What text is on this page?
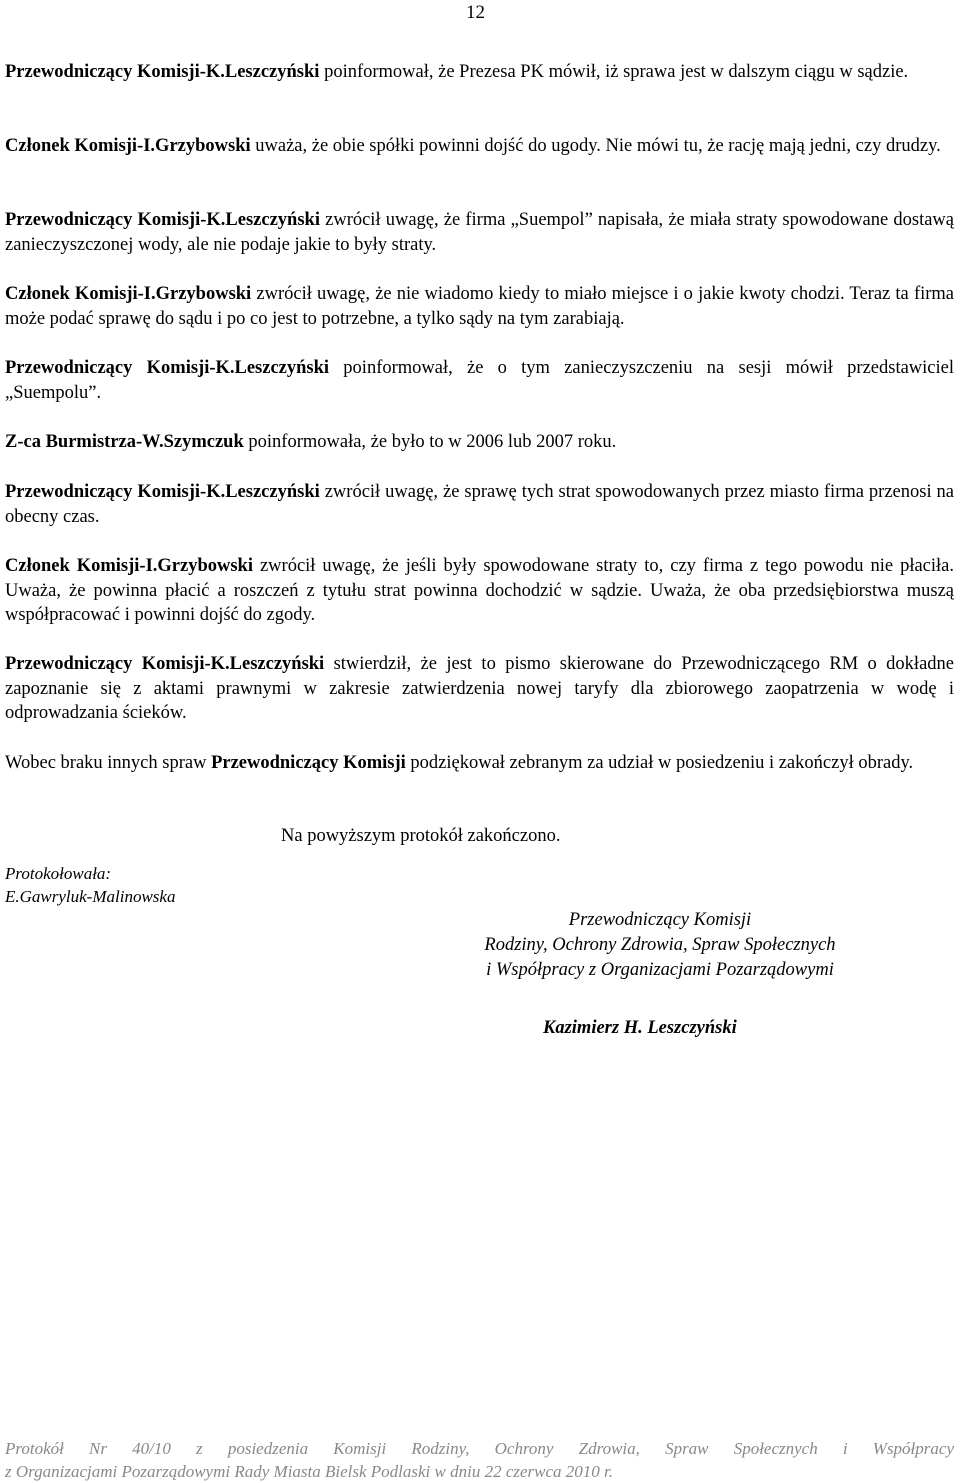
12
Przewodniczący Komisji-K.Leszczyński poinformował, że Prezesa PK mówił, iż sprawa jest w dalszym ciągu w sądzie.
Członek Komisji-I.Grzybowski uważa, że obie spółki powinni dojść do ugody. Nie mówi tu, że rację mają jedni, czy drudzy.
Przewodniczący Komisji-K.Leszczyński zwrócił uwagę, że firma „Suempol” napisała, że miała straty spowodowane dostawą zanieczyszczonej wody, ale nie podaje jakie to były straty.
Członek Komisji-I.Grzybowski zwrócił uwagę, że nie wiadomo kiedy to miało miejsce i o jakie kwoty chodzi. Teraz ta firma może podać sprawę do sądu i po co jest to potrzebne, a tylko sądy na tym zarabiają.
Przewodniczący Komisji-K.Leszczyński poinformował, że o tym zanieczyszczeniu na sesji mówił przedstawiciel „Suempolu”.
Z-ca Burmistrza-W.Szymczuk poinformowała, że było to w 2006 lub 2007 roku.
Przewodniczący Komisji-K.Leszczyński zwrócił uwagę, że sprawę tych strat spowodowanych przez miasto firma przenosi na obecny czas.
Członek Komisji-I.Grzybowski zwrócił uwagę, że jeśli były spowodowane straty to, czy firma z tego powodu nie płaciła. Uważa, że powinna płacić a roszczeń z tytułu strat powinna dochodzić w sądzie. Uważa, że oba przedsiębiorstwa muszą współpracować i powinni dojść do zgody.
Przewodniczący Komisji-K.Leszczyński stwierdził, że jest to pismo skierowane do Przewodniczącego RM o dokładne zapoznanie się z aktami prawnymi w zakresie zatwierdzenia nowej taryfy dla zbiorowego zaopatrzenia w wodę i odprowadzania ścieków.
Wobec braku innych spraw Przewodniczący Komisji podziękował zebranym za udział w posiedzeniu i zakończył obrady.
Na powyższym protokół zakończono.
Protokołowała:
E.Gawryluk-Malinowska
Przewodniczący Komisji
Rodziny, Ochrony Zdrowia, Spraw Społecznych
i Współpracy z Organizacjami Pozarządowymi
Kazimierz H. Leszczyński
Protokół Nr 40/10 z posiedzenia Komisji Rodziny, Ochrony Zdrowia, Spraw Społecznych i Współpracy
z Organizacjami Pozarządowymi Rady Miasta Bielsk Podlaski w dniu 22 czerwca 2010 r.
